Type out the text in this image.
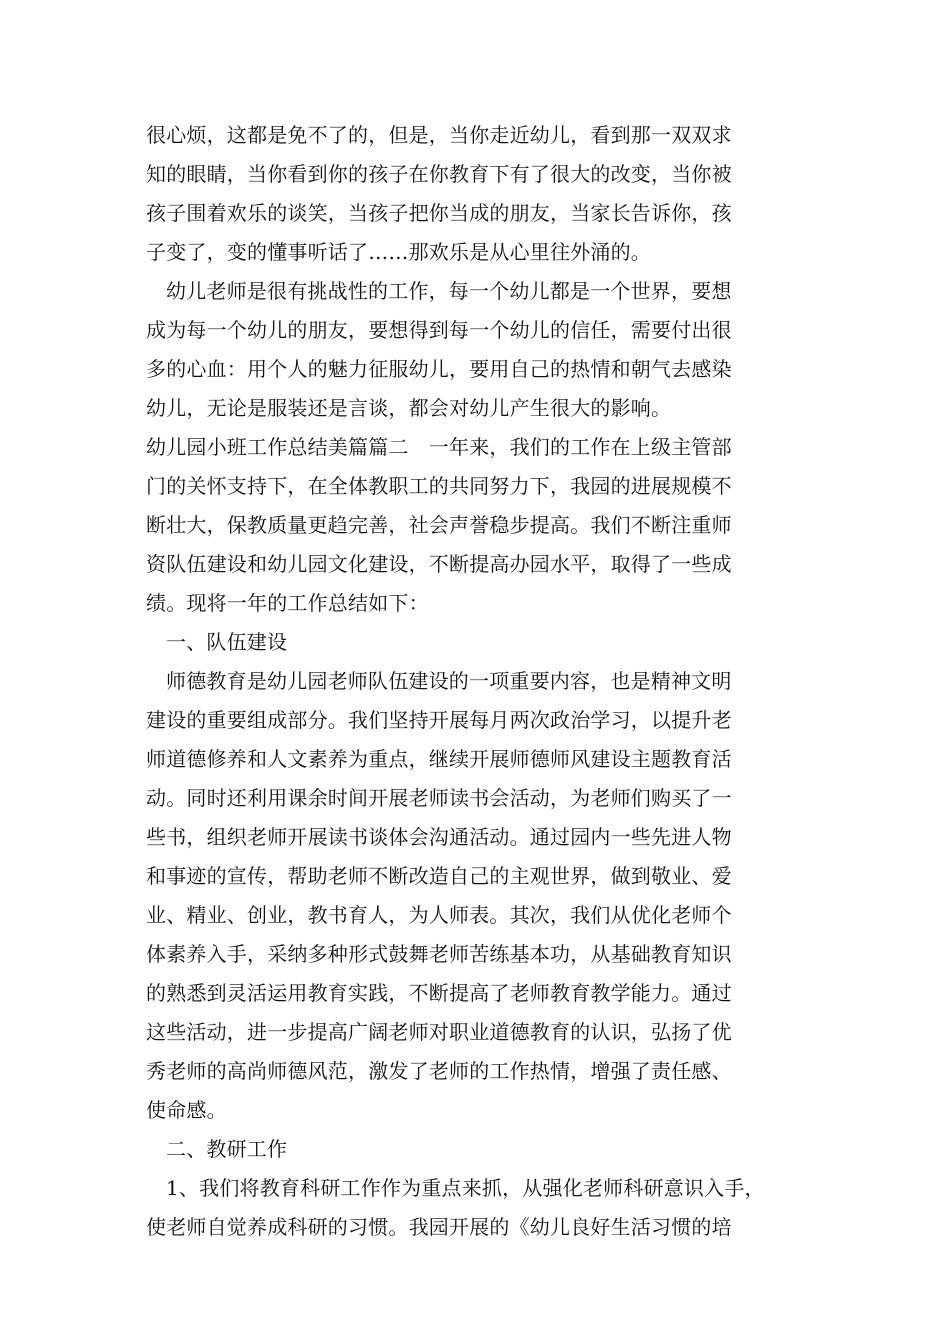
很心烦，这都是免不了的，但是，当你走近幼儿，看到那一双双求
知的眼睛，当你看到你的孩子在你教育下有了很大的改变，当你被
孩子围着欢乐的谈笑，当孩子把你当成的朋友，当家长告诉你，孩
子变了，变的懂事听话了……那欢乐是从心里往外涌的。
幼儿老师是很有挑战性的工作，每一个幼儿都是一个世界，要想
成为每一个幼儿的朋友，要想得到每一个幼儿的信任，需要付出很
多的心血：用个人的魅力征服幼儿，要用自己的热情和朝气去感染
幼儿，无论是服装还是言谈，都会对幼儿产生很大的影响。
幼儿园小班工作总结美篇篇二　一年来，我们的工作在上级主管部
门的关怀支持下，在全体教职工的共同努力下，我园的进展规模不
断壮大，保教质量更趋完善，社会声誉稳步提高。我们不断注重师
资队伍建设和幼儿园文化建设，不断提高办园水平，取得了一些成
绩。现将一年的工作总结如下：
一、队伍建设
师德教育是幼儿园老师队伍建设的一项重要内容，也是精神文明
建设的重要组成部分。我们坚持开展每月两次政治学习，以提升老
师道德修养和人文素养为重点，继续开展师德师风建设主题教育活
动。同时还利用课余时间开展老师读书会活动，为老师们购买了一
些书，组织老师开展读书谈体会沟通活动。通过园内一些先进人物
和事迹的宣传，帮助老师不断改造自己的主观世界，做到敬业、爱
业、精业、创业，教书育人，为人师表。其次，我们从优化老师个
体素养入手，采纳多种形式鼓舞老师苦练基本功，从基础教育知识
的熟悉到灵活运用教育实践，不断提高了老师教育教学能力。通过
这些活动，进一步提高广阔老师对职业道德教育的认识，弘扬了优
秀老师的高尚师德风范，激发了老师的工作热情，增强了责任感、
使命感。
二、教研工作
1、我们将教育科研工作作为重点来抓，从强化老师科研意识入手，
使老师自觉养成科研的习惯。我园开展的《幼儿良好生活习惯的培
